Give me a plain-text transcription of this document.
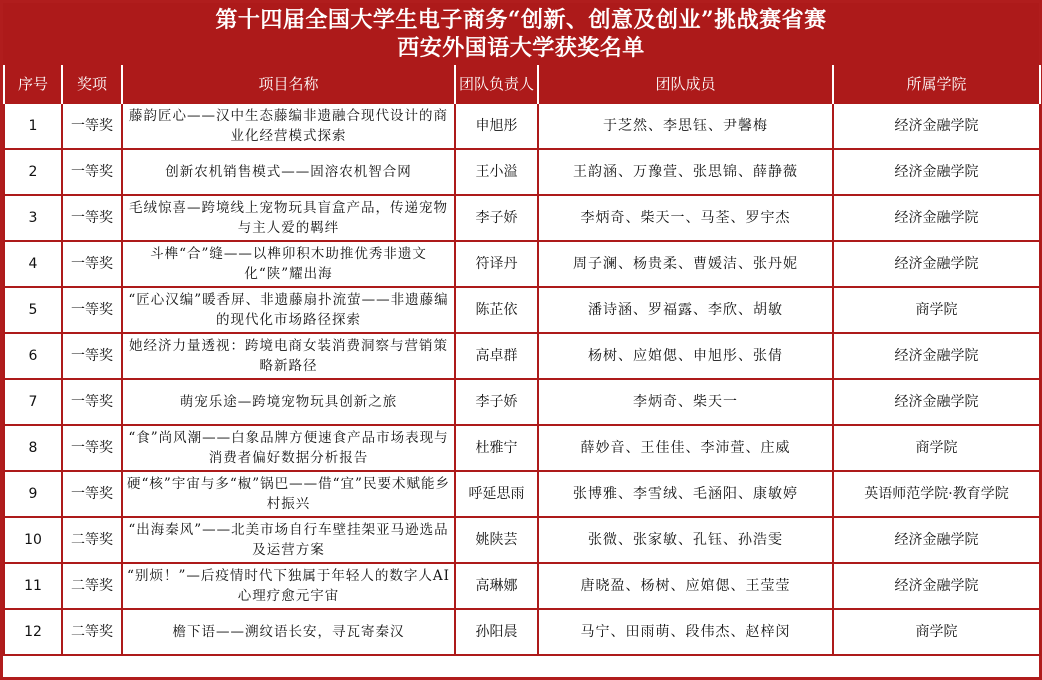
第十四届全国大学生电子商务“创新、创意及创业”挑战赛省赛
西安外国语大学获奖名单
序号	奖项	项目名称	团队负责人	团队成员	所属学院
1	一等奖	藤韵匠心——汉中生态藤编非遗融合现代设计的商业化经营模式探索	申旭彤	于芝然、李思钰、尹馨梅	经济金融学院
2	一等奖	创新农机销售模式——固溶农机智合网	王小溢	王韵涵、万豫萱、张思锦、薛静薇	经济金融学院
3	一等奖	毛绒惊喜—跨境线上宠物玩具盲盒产品，传递宠物与主人爱的羁绊	李子娇	李炳奇、柴天一、马荃、罗宇杰	经济金融学院
4	一等奖	斗榫“合”缝——以榫卯积木助推优秀非遗文化“陕”耀出海	符译丹	周子澜、杨贵柔、曹媛洁、张丹妮	经济金融学院
5	一等奖	“匠心汉编”暖香屏、非遗藤扇扑流萤——非遗藤编的现代化市场路径探索	陈芷依	潘诗涵、罗福露、李欣、胡敏	商学院
6	一等奖	她经济力量透视：跨境电商女装消费洞察与营销策略新路径	高卓群	杨树、应婠偲、申旭彤、张倩	经济金融学院
7	一等奖	萌宠乐途—跨境宠物玩具创新之旅	李子娇	李炳奇、柴天一	经济金融学院
8	一等奖	“食”尚风潮——白象品牌方便速食产品市场表现与消费者偏好数据分析报告	杜雅宁	薛妙音、王佳佳、李沛萱、庄威	商学院
9	一等奖	硬“核”宇宙与多“椒”锅巴——借“宜”民要术赋能乡村振兴	呼延思雨	张博雅、李雪绒、毛涵阳、康敏婷	英语师范学院·教育学院
10	二等奖	“出海秦风”——北美市场自行车壁挂架亚马逊选品及运营方案	姚陕芸	张微、张家敏、孔钰、孙浩雯	经济金融学院
11	二等奖	“别烦！”—后疫情时代下独属于年轻人的数字人AI心理疗愈元宇宙	高琳娜	唐晓盈、杨树、应婠偲、王莹莹	经济金融学院
12	二等奖	檐下语——溯纹语长安，寻瓦寄秦汉	孙阳晨	马宁、田雨萌、段伟杰、赵梓闵	商学院
